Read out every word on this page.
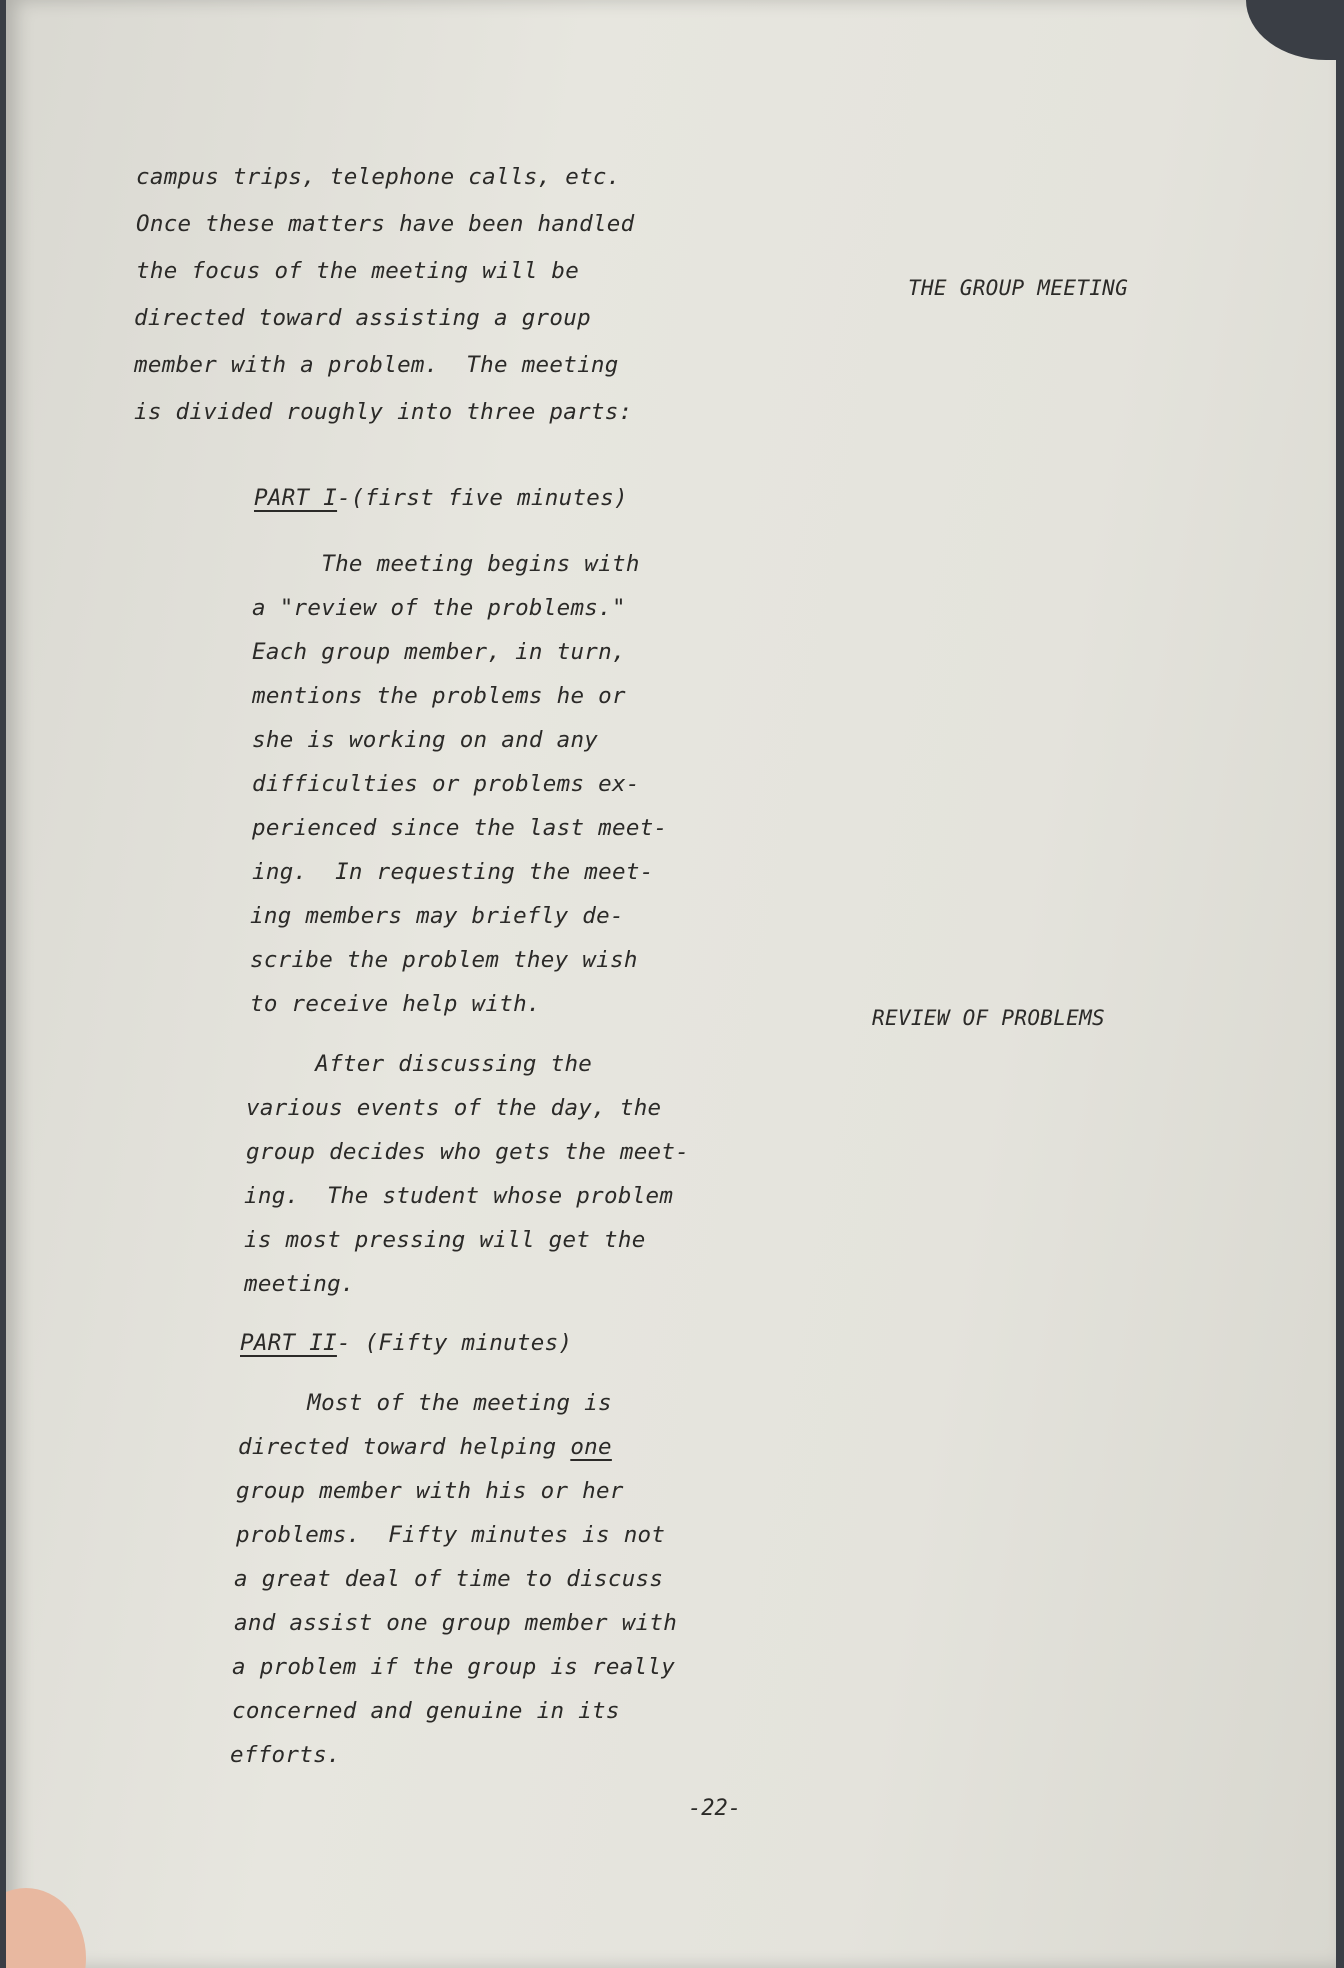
campus trips, telephone calls, etc.
Once these matters have been handled
the focus of the meeting will be
directed toward assisting a group
member with a problem.  The meeting
is divided roughly into three parts:
PART I-(first five minutes)
The meeting begins with
a "review of the problems."
Each group member, in turn,
mentions the problems he or
she is working on and any
difficulties or problems ex-
perienced since the last meet-
ing.  In requesting the meet-
ing members may briefly de-
scribe the problem they wish
to receive help with.
After discussing the
various events of the day, the
group decides who gets the meet-
ing.  The student whose problem
is most pressing will get the
meeting.
PART II- (Fifty minutes)
Most of the meeting is
directed toward helping one
group member with his or her
problems.  Fifty minutes is not
a great deal of time to discuss
and assist one group member with
a problem if the group is really
concerned and genuine in its
efforts.
THE GROUP MEETING
REVIEW OF PROBLEMS
-22-
